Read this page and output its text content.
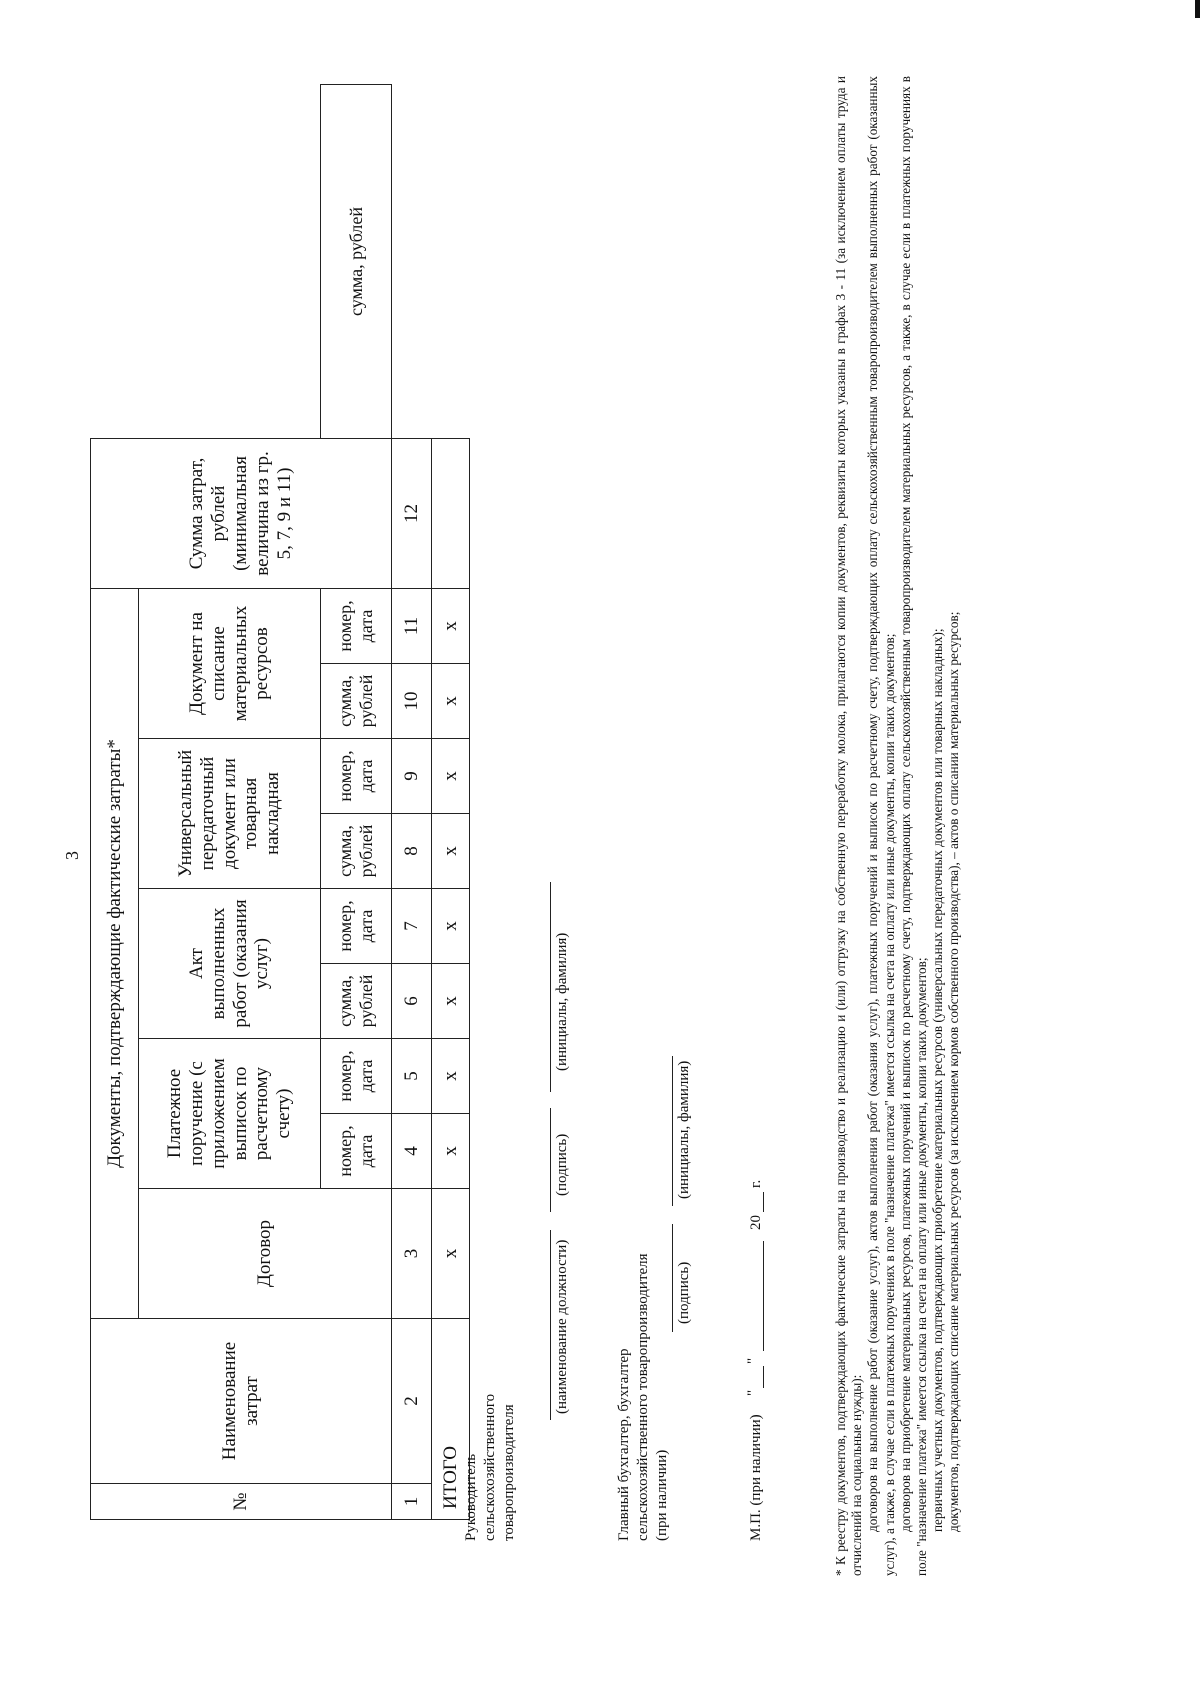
3
№	Наименование затрат	Документы, подтверждающие фактические затраты*									Сумма затрат, рублей (минимальная величина из гр. 5, 7, 9 и 11)	
		Договор	Платежное поручение (с приложением выписок по расчетному счету)		Акт выполненных работ (оказания услуг)		Универсальный передаточный документ или товарная накладная		Документ на списание материальных ресурсов			
			номер, дата	номер, дата	сумма, рублей	номер, дата	сумма, рублей	номер, дата	сумма, рублей	номер, дата		сумма, рублей
1	2	3	4	5	6	7	8	9	10	11	12	
ИТОГО		х	х	х	х	х	х	х	х	х		
Руководитель сельскохозяйственного товаропроизводителя
(наименование должности)
(подпись)
(инициалы, фамилия)
Главный бухгалтер, бухгалтер сельскохозяйственного товаропроизводителя (при наличии)
(подпись)
(инициалы, фамилия)
М.П. (при наличии)
"
"
20
г.	* К реестру документов, подтверждающих фактические затраты на производство и реализацию и (или) отгрузку на собственную переработку молока, прилагаются копии документов, реквизиты которых указаны в графах 3 - 11 (за исключением оплаты труда и отчислений на социальные нужды): договоров на выполнение работ (оказание услуг), актов выполнения работ (оказания услуг), платежных поручений и выписок по расчетному счету, подтверждающих оплату сельскохозяйственным товаропроизводителем выполненных работ (оказанных услуг), а также, в случае если в платежных поручениях в поле "назначение платежа" имеется ссылка на счета на оплату или иные документы, копии таких документов; договоров на приобретение материальных ресурсов, платежных поручений и выписок по расчетному счету, подтверждающих оплату сельскохозяйственным товаропроизводителем материальных ресурсов, а также, в случае если в платежных поручениях в поле "назначение платежа" имеется ссылка на счета на оплату или иные документы, копии таких документов; первичных учетных документов, подтверждающих приобретение материальных ресурсов (универсальных передаточных документов или товарных накладных); документов, подтверждающих списание материальных ресурсов (за исключением кормов собственного производства), – актов о списании материальных ресурсов;
